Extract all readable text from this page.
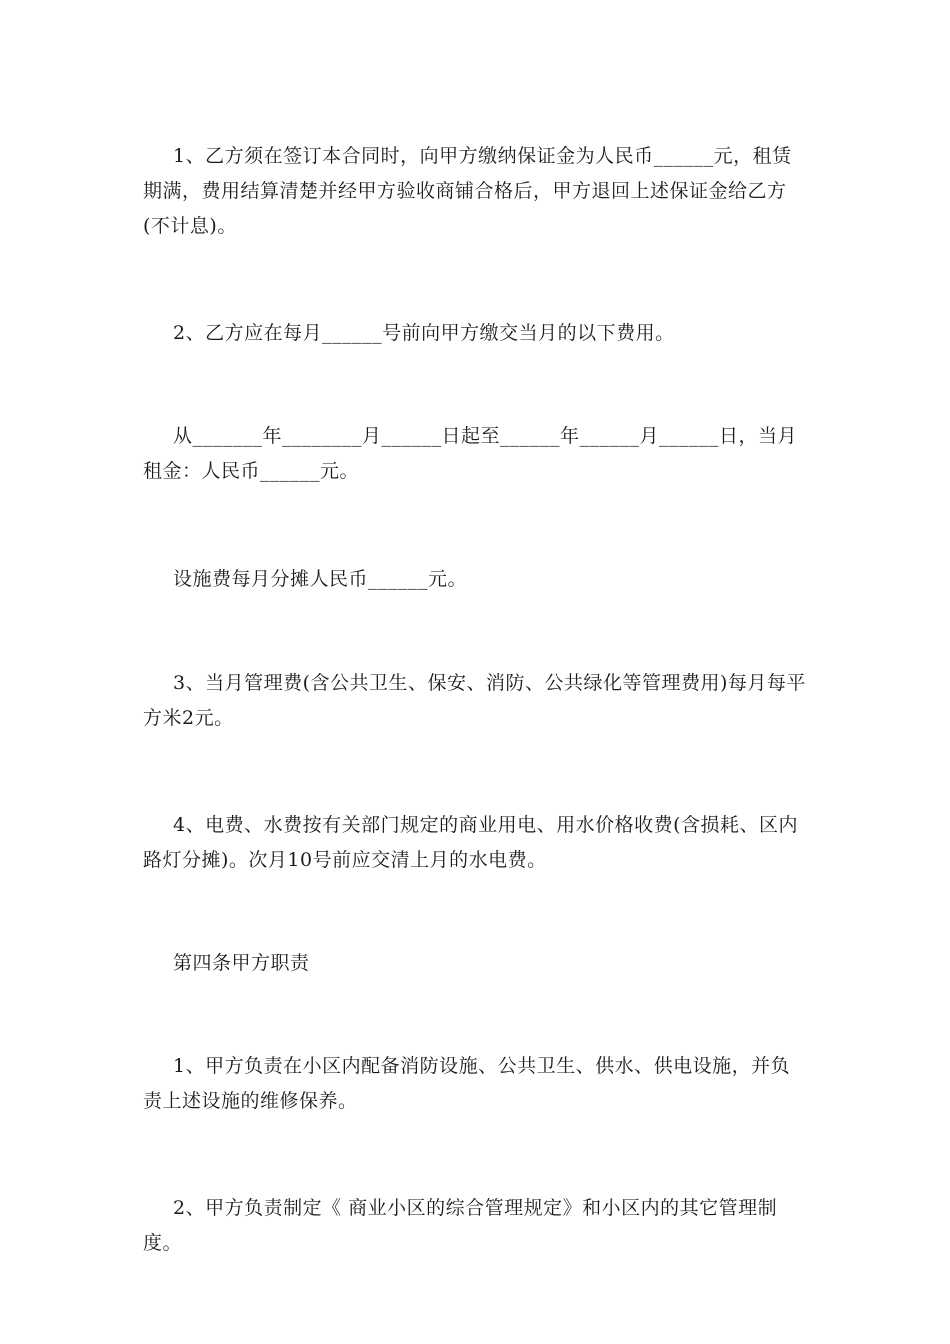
1、乙方须在签订本合同时，向甲方缴纳保证金为人民币______元，租赁期满，费用结算清楚并经甲方验收商铺合格后，甲方退回上述保证金给乙方(不计息)。

2、乙方应在每月______号前向甲方缴交当月的以下费用。

从_______年________月______日起至______年______月______日，当月租金：人民币______元。

设施费每月分摊人民币______元。

3、当月管理费(含公共卫生、保安、消防、公共绿化等管理费用)每月每平方米2元。

4、电费、水费按有关部门规定的商业用电、用水价格收费(含损耗、区内路灯分摊)。次月10号前应交清上月的水电费。

第四条甲方职责

1、甲方负责在小区内配备消防设施、公共卫生、供水、供电设施，并负责上述设施的维修保养。

2、甲方负责制定《 商业小区的综合管理规定》和小区内的其它管理制度。
